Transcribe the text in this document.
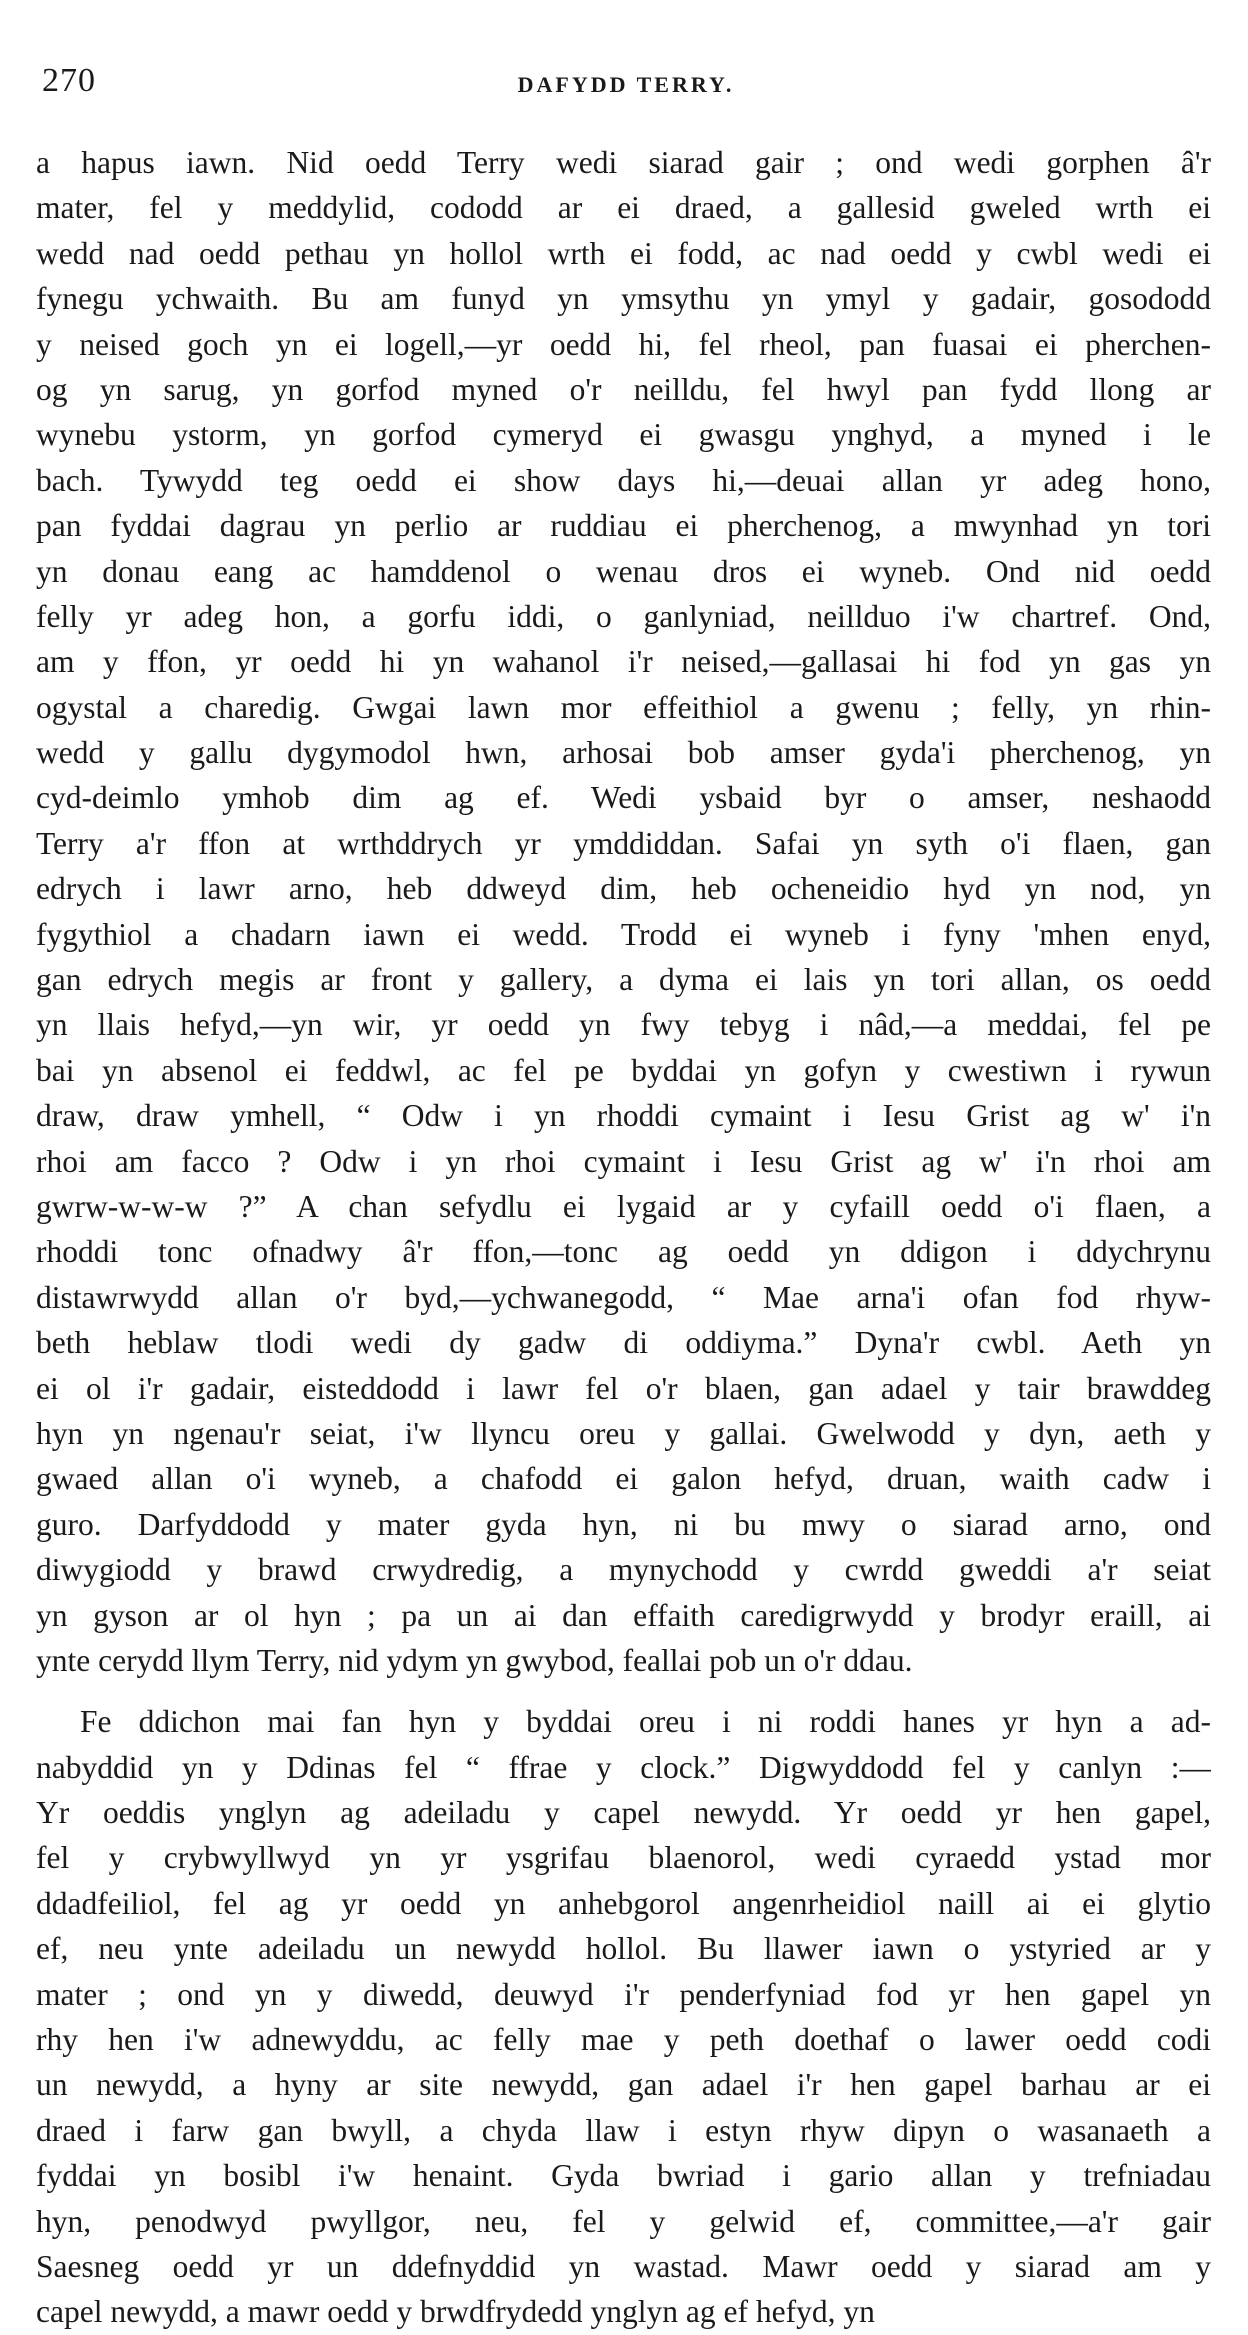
270	DAFYDD TERRY.
a hapus iawn. Nid oedd Terry wedi siarad gair ; ond wedi gorphen â'r
mater, fel y meddylid, cododd ar ei draed, a gallesid gweled wrth ei
wedd nad oedd pethau yn hollol wrth ei fodd, ac nad oedd y cwbl wedi ei
fynegu ychwaith. Bu am funyd yn ymsythu yn ymyl y gadair, gosododd
y neised goch yn ei logell,—yr oedd hi, fel rheol, pan fuasai ei pherchen-
og yn sarug, yn gorfod myned o'r neilldu, fel hwyl pan fydd llong ar
wynebu ystorm, yn gorfod cymeryd ei gwasgu ynghyd, a myned i le
bach. Tywydd teg oedd ei show days hi,—deuai allan yr adeg hono,
pan fyddai dagrau yn perlio ar ruddiau ei pherchenog, a mwynhad yn tori
yn donau eang ac hamddenol o wenau dros ei wyneb. Ond nid oedd
felly yr adeg hon, a gorfu iddi, o ganlyniad, neillduo i'w chartref. Ond,
am y ffon, yr oedd hi yn wahanol i'r neised,—gallasai hi fod yn gas yn
ogystal a charedig. Gwgai lawn mor effeithiol a gwenu ; felly, yn rhin-
wedd y gallu dygymodol hwn, arhosai bob amser gyda'i pherchenog, yn
cyd-deimlo ymhob dim ag ef. Wedi ysbaid byr o amser, neshaodd
Terry a'r ffon at wrthddrych yr ymddiddan. Safai yn syth o'i flaen, gan
edrych i lawr arno, heb ddweyd dim, heb ocheneidio hyd yn nod, yn
fygythiol a chadarn iawn ei wedd. Trodd ei wyneb i fyny 'mhen enyd,
gan edrych megis ar front y gallery, a dyma ei lais yn tori allan, os oedd
yn llais hefyd,—yn wir, yr oedd yn fwy tebyg i nâd,—a meddai, fel pe
bai yn absenol ei feddwl, ac fel pe byddai yn gofyn y cwestiwn i rywun
draw, draw ymhell, “ Odw i yn rhoddi cymaint i Iesu Grist ag w' i'n
rhoi am facco ? Odw i yn rhoi cymaint i Iesu Grist ag w' i'n rhoi am
gwrw-w-w-w ?” A chan sefydlu ei lygaid ar y cyfaill oedd o'i flaen, a
rhoddi tonc ofnadwy â'r ffon,—tonc ag oedd yn ddigon i ddychrynu
distawrwydd allan o'r byd,—ychwanegodd, “ Mae arna'i ofan fod rhyw-
beth heblaw tlodi wedi dy gadw di oddiyma.” Dyna'r cwbl. Aeth yn
ei ol i'r gadair, eisteddodd i lawr fel o'r blaen, gan adael y tair brawddeg
hyn yn ngenau'r seiat, i'w llyncu oreu y gallai. Gwelwodd y dyn, aeth y
gwaed allan o'i wyneb, a chafodd ei galon hefyd, druan, waith cadw i
guro. Darfyddodd y mater gyda hyn, ni bu mwy o siarad arno, ond
diwygiodd y brawd crwydredig, a mynychodd y cwrdd gweddi a'r seiat
yn gyson ar ol hyn ; pa un ai dan effaith caredigrwydd y brodyr eraill, ai
ynte cerydd llym Terry, nid ydym yn gwybod, feallai pob un o'r ddau.
Fe ddichon mai fan hyn y byddai oreu i ni roddi hanes yr hyn a ad-
nabyddid yn y Ddinas fel “ ffrae y clock.” Digwyddodd fel y canlyn :—
Yr oeddis ynglyn ag adeiladu y capel newydd. Yr oedd yr hen gapel,
fel y crybwyllwyd yn yr ysgrifau blaenorol, wedi cyraedd ystad mor
ddadfeiliol, fel ag yr oedd yn anhebgorol angenrheidiol naill ai ei glytio
ef, neu ynte adeiladu un newydd hollol. Bu llawer iawn o ystyried ar y
mater ; ond yn y diwedd, deuwyd i'r penderfyniad fod yr hen gapel yn
rhy hen i'w adnewyddu, ac felly mae y peth doethaf o lawer oedd codi
un newydd, a hyny ar site newydd, gan adael i'r hen gapel barhau ar ei
draed i farw gan bwyll, a chyda llaw i estyn rhyw dipyn o wasanaeth a
fyddai yn bosibl i'w henaint. Gyda bwriad i gario allan y trefniadau
hyn, penodwyd pwyllgor, neu, fel y gelwid ef, committee,—a'r gair
Saesneg oedd yr un ddefnyddid yn wastad. Mawr oedd y siarad am y
capel newydd, a mawr oedd y brwdfrydedd ynglyn ag ef hefyd, yn
